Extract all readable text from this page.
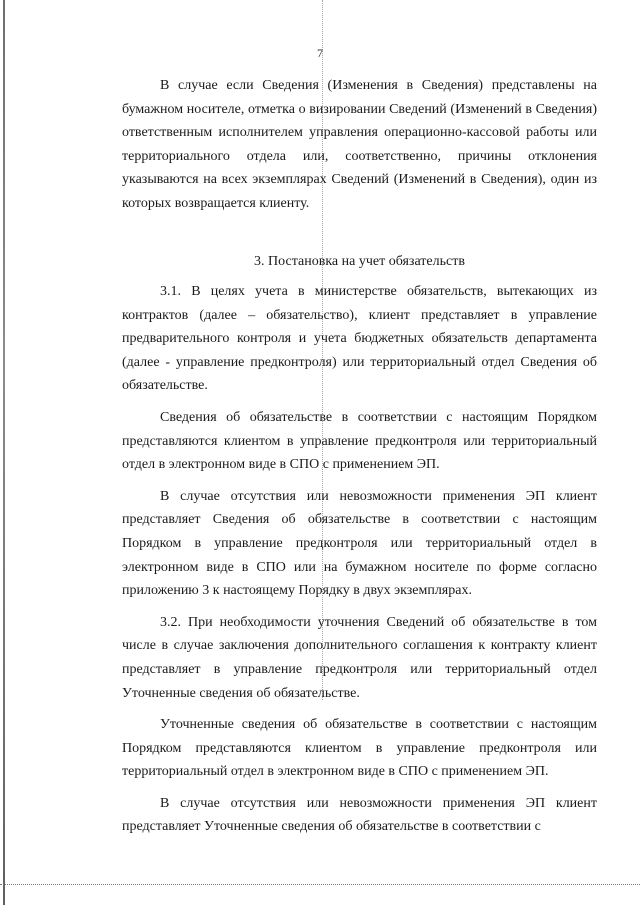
7

В случае если Сведения (Изменения в Сведения) представлены на бумажном носителе, отметка о визировании Сведений (Изменений в Сведения) ответственным исполнителем управления операционно-кассовой работы или территориального отдела или, соответственно, причины отклонения указываются на всех экземплярах Сведений (Изменений в Сведения), один из которых возвращается клиенту.

3. Постановка на учет обязательств

3.1. В целях учета в министерстве обязательств, вытекающих из контрактов (далее – обязательство), клиент представляет в управление предварительного контроля и учета бюджетных обязательств департамента (далее - управление предконтроля) или территориальный отдел Сведения об обязательстве.

Сведения об обязательстве в соответствии с настоящим Порядком представляются клиентом в управление предконтроля или территориальный отдел в электронном виде в СПО с применением ЭП.

В случае отсутствия или невозможности применения ЭП клиент представляет Сведения об обязательстве в соответствии с настоящим Порядком в управление предконтроля или территориальный отдел в электронном виде в СПО или на бумажном носителе по форме согласно приложению 3 к настоящему Порядку в двух экземплярах.

3.2. При необходимости уточнения Сведений об обязательстве в том числе в случае заключения дополнительного соглашения к контракту клиент представляет в управление предконтроля или территориальный отдел Уточненные сведения об обязательстве.

Уточненные сведения об обязательстве в соответствии с настоящим Порядком представляются клиентом в управление предконтроля или территориальный отдел в электронном виде в СПО с применением ЭП.

В случае отсутствия или невозможности применения ЭП клиент представляет Уточненные сведения об обязательстве в соответствии с
